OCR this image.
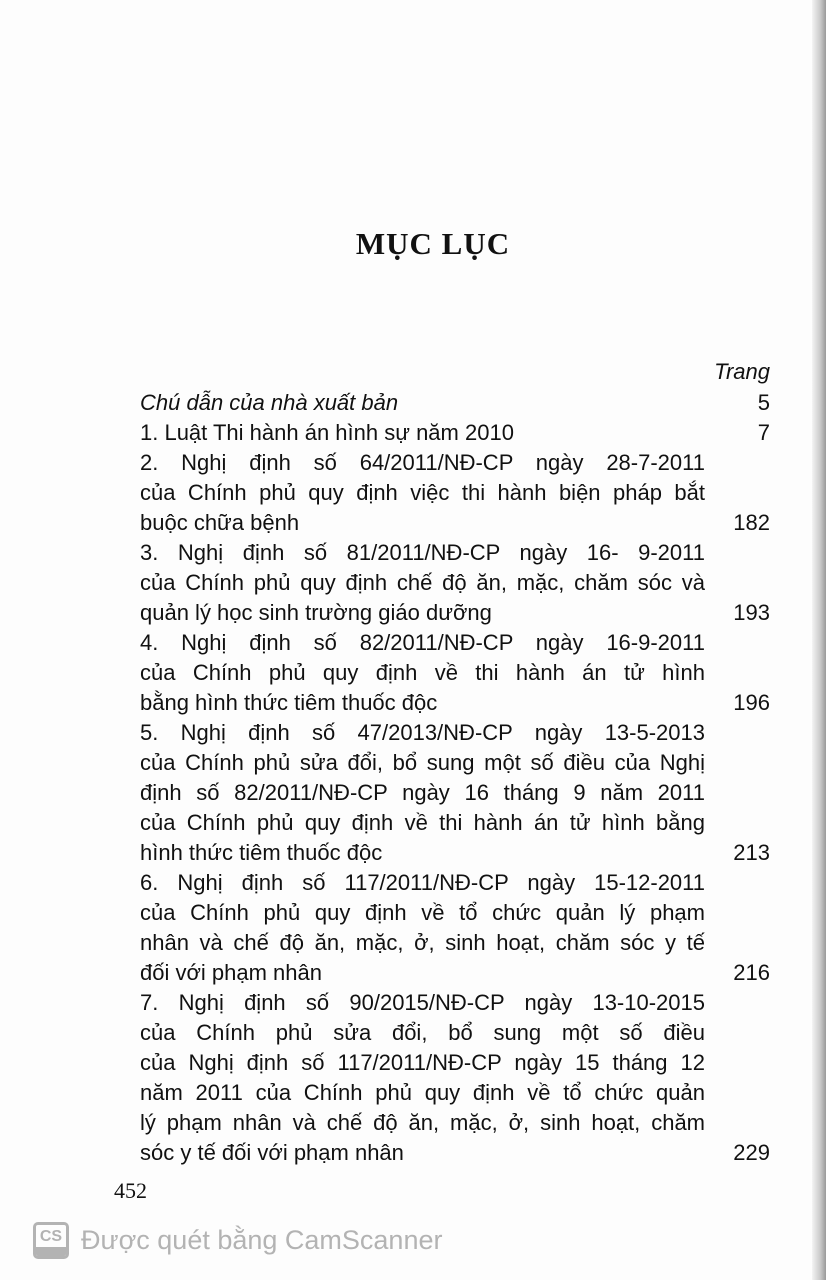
MỤC LỤC
Trang
Chú dẫn của nhà xuất bản	5
1. Luật Thi hành án hình sự năm 2010	7
2. Nghị định số 64/2011/NĐ-CP ngày 28-7-2011
của Chính phủ quy định việc thi hành biện pháp bắt
buộc chữa bệnh	182
3. Nghị định số 81/2011/NĐ-CP ngày 16- 9-2011
của Chính phủ quy định chế độ ăn, mặc, chăm sóc và
quản lý học sinh trường giáo dưỡng	193
4. Nghị định số 82/2011/NĐ-CP ngày 16-9-2011
của Chính phủ quy định về thi hành án tử hình
bằng hình thức tiêm thuốc độc	196
5. Nghị định số 47/2013/NĐ-CP ngày 13-5-2013
của Chính phủ sửa đổi, bổ sung một số điều của Nghị
định số 82/2011/NĐ-CP ngày 16 tháng 9 năm 2011
của Chính phủ quy định về thi hành án tử hình bằng
hình thức tiêm thuốc độc	213
6. Nghị định số 117/2011/NĐ-CP ngày 15-12-2011
của Chính phủ quy định về tổ chức quản lý phạm
nhân và chế độ ăn, mặc, ở, sinh hoạt, chăm sóc y tế
đối với phạm nhân	216
7. Nghị định số 90/2015/NĐ-CP ngày 13-10-2015
của Chính phủ sửa đổi, bổ sung một số điều
của Nghị định số 117/2011/NĐ-CP ngày 15 tháng 12
năm 2011 của Chính phủ quy định về tổ chức quản
lý phạm nhân và chế độ ăn, mặc, ở, sinh hoạt, chăm
sóc y tế đối với phạm nhân	229
452
CS Được quét bằng CamScanner
